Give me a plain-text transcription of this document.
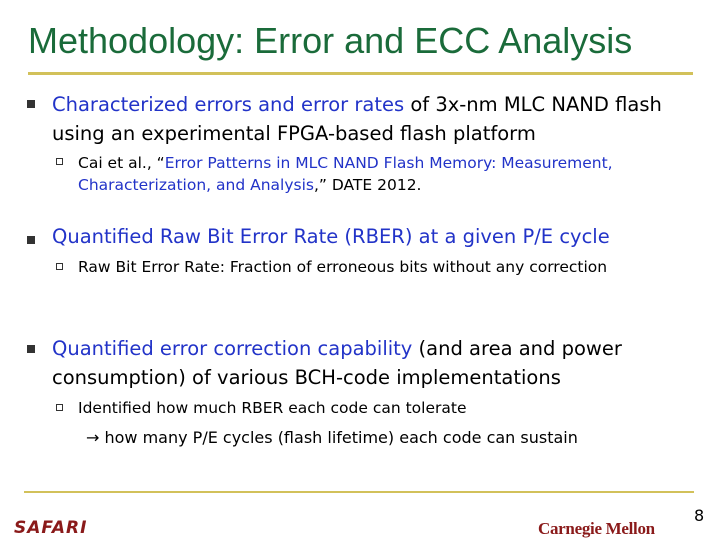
Methodology: Error and ECC Analysis
Characterized errors and error rates of 3x-nm MLC NAND flash using an experimental FPGA-based flash platform
Cai et al., “Error Patterns in MLC NAND Flash Memory: Measurement, Characterization, and Analysis,” DATE 2012.
Quantified Raw Bit Error Rate (RBER) at a given P/E cycle
Raw Bit Error Rate: Fraction of erroneous bits without any correction
Quantified error correction capability (and area and power consumption) of various BCH-code implementations
Identified how much RBER each code can tolerate
→ how many P/E cycles (flash lifetime) each code can sustain
SAFARI	Carnegie Mellon
8
